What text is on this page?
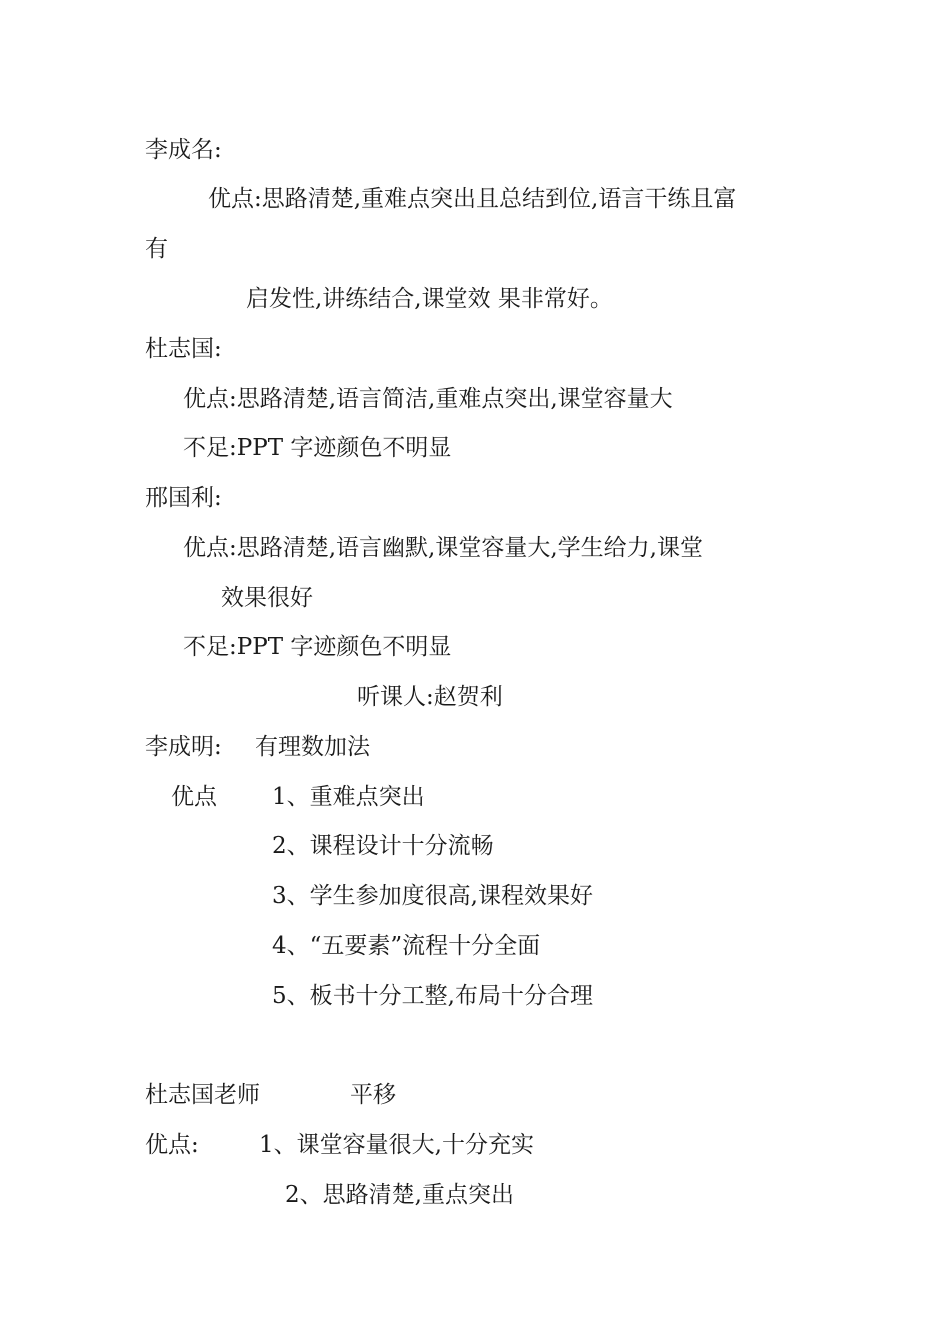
李成名:
优点:思路清楚,重难点突出且总结到位,语言干练且富
有
启发性,讲练结合,课堂效 果非常好。
杜志国:
优点:思路清楚,语言简洁,重难点突出,课堂容量大
不足:PPT 字迹颜色不明显
邢国利:
优点:思路清楚,语言幽默,课堂容量大,学生给力,课堂
效果很好
不足:PPT 字迹颜色不明显
听课人:赵贺利
李成明: 有理数加法
优点 1、重难点突出
2、课程设计十分流畅
3、学生参加度很高,课程效果好
4、“五要素”流程十分全面
5、板书十分工整,布局十分合理
杜志国老师	平移
优点:	1、课堂容量很大,十分充实
2、思路清楚,重点突出
